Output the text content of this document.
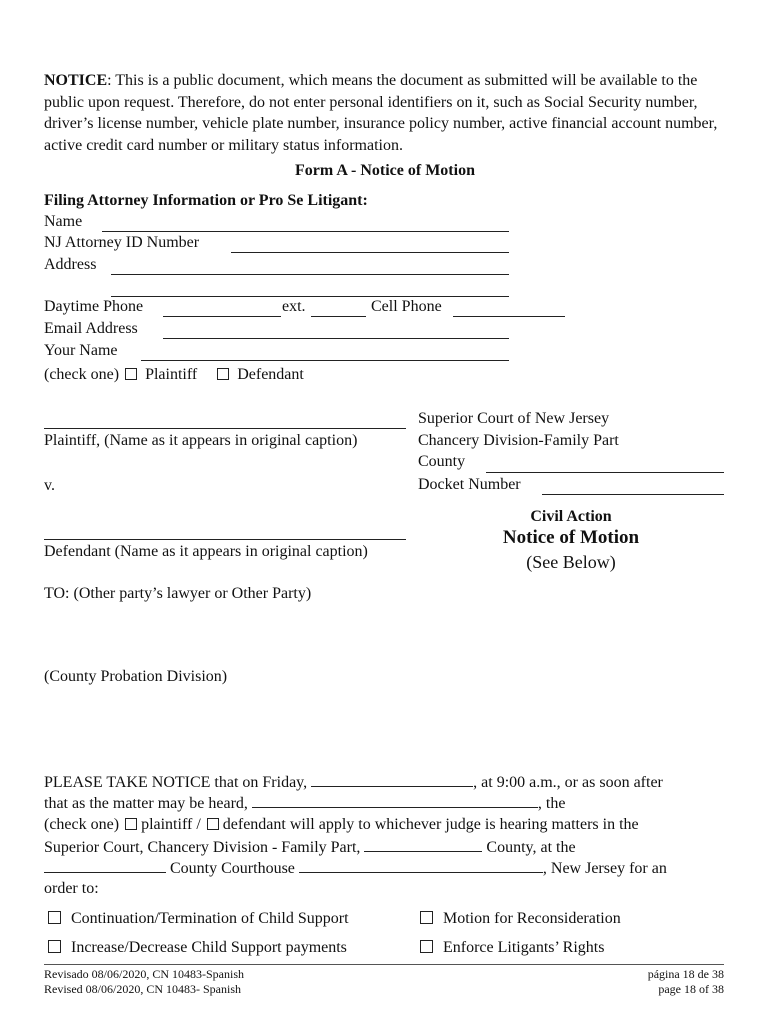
NOTICE: This is a public document, which means the document as submitted will be available to the public upon request. Therefore, do not enter personal identifiers on it, such as Social Security number, driver’s license number, vehicle plate number, insurance policy number, active financial account number, active credit card number or military status information.
Form A - Notice of Motion
Filing Attorney Information or Pro Se Litigant:
Name
NJ Attorney ID Number
Address
Daytime Phone	ext.	Cell Phone
Email Address
Your Name
(check one) Plaintiff	Defendant
Plaintiff, (Name as it appears in original caption)
v.
Defendant (Name as it appears in original caption)
Superior Court of New Jersey
Chancery Division-Family Part
County
Docket Number
Civil Action
Notice of Motion
(See Below)
TO: (Other party’s lawyer or Other Party)
(County Probation Division)
PLEASE TAKE NOTICE that on Friday,	, at 9:00 a.m., or as soon after
that as the matter may be heard,	, the
(check one) plaintiff / defendant will apply to whichever judge is hearing matters in the
Superior Court, Chancery Division - Family Part,	County, at the
County Courthouse	, New Jersey for an
order to:
Continuation/Termination of Child Support	Motion for Reconsideration
Increase/Decrease Child Support payments	Enforce Litigants’ Rights
Revisado 08/06/2020, CN 10483-Spanish
Revised 08/06/2020, CN 10483- Spanish
página 18 de 38
page 18 of 38
